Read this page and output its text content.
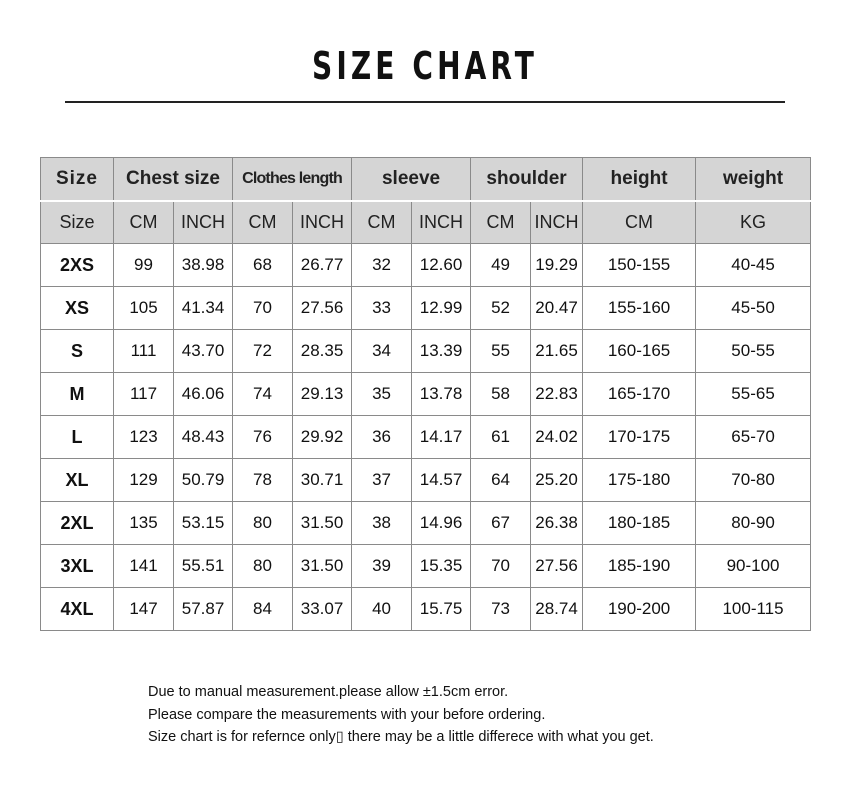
SIZE CHART
Size	Chest size		Clothes length		sleeve		shoulder		height	weight
Size	CM	INCH	CM	INCH	CM	INCH	CM	INCH	CM	KG
2XS	99	38.98	68	26.77	32	12.60	49	19.29	150-155	40-45
XS	105	41.34	70	27.56	33	12.99	52	20.47	155-160	45-50
S	111	43.70	72	28.35	34	13.39	55	21.65	160-165	50-55
M	117	46.06	74	29.13	35	13.78	58	22.83	165-170	55-65
L	123	48.43	76	29.92	36	14.17	61	24.02	170-175	65-70
XL	129	50.79	78	30.71	37	14.57	64	25.20	175-180	70-80
2XL	135	53.15	80	31.50	38	14.96	67	26.38	180-185	80-90
3XL	141	55.51	80	31.50	39	15.35	70	27.56	185-190	90-100
4XL	147	57.87	84	33.07	40	15.75	73	28.74	190-200	100-115
Due to manual measurement.please allow ±1.5cm error.
Please compare the measurements with your before ordering.
Size chart is for refernce only▯ there may be a little differece with what you get.
